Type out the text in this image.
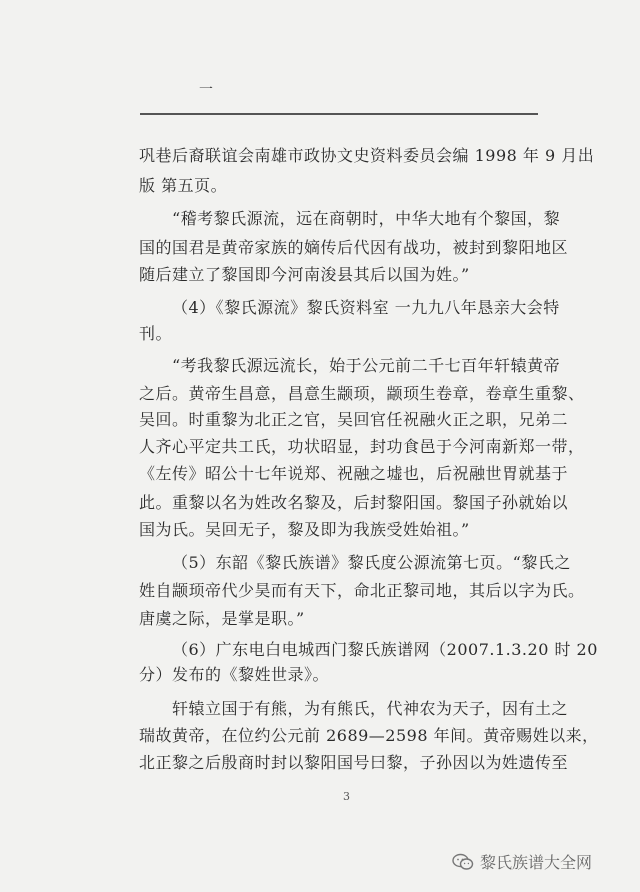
一
巩巷后裔联谊会南雄市政协文史资料委员会编 1998 年 9 月出
版 第五页。
“稽考黎氏源流，远在商朝时，中华大地有个黎国，黎
国的国君是黄帝家族的嫡传后代因有战功，被封到黎阳地区
随后建立了黎国即今河南浚县其后以国为姓。”
（4）《黎氏源流》黎氏资料室 一九九八年恳亲大会特
刊。
“考我黎氏源远流长，始于公元前二千七百年轩辕黄帝
之后。黄帝生昌意，昌意生颛顼，颛顼生卷章，卷章生重黎、
吴回。时重黎为北正之官，吴回官任祝融火正之职，兄弟二
人齐心平定共工氏，功状昭显，封功食邑于今河南新郑一带，
《左传》昭公十七年说郑、祝融之墟也，后祝融世胃就基于
此。重黎以名为姓改名黎及，后封黎阳国。黎国子孙就始以
国为氏。吴回无子，黎及即为我族受姓始祖。”
（5）东韶《黎氏族谱》黎氏度公源流第七页。“黎氏之
姓自颛顼帝代少昊而有天下，命北正黎司地，其后以字为氏。
唐虞之际，是掌是职。”
（6）广东电白电城西门黎氏族谱网（2007.1.3.20 时 20
分）发布的《黎姓世录》。
轩辕立国于有熊，为有熊氏，代神农为天子，因有土之
瑞故黄帝，在位约公元前 2689—2598 年间。黄帝赐姓以来，
北正黎之后殷商时封以黎阳国号曰黎，子孙因以为姓遗传至
3
黎氏族谱大全网
